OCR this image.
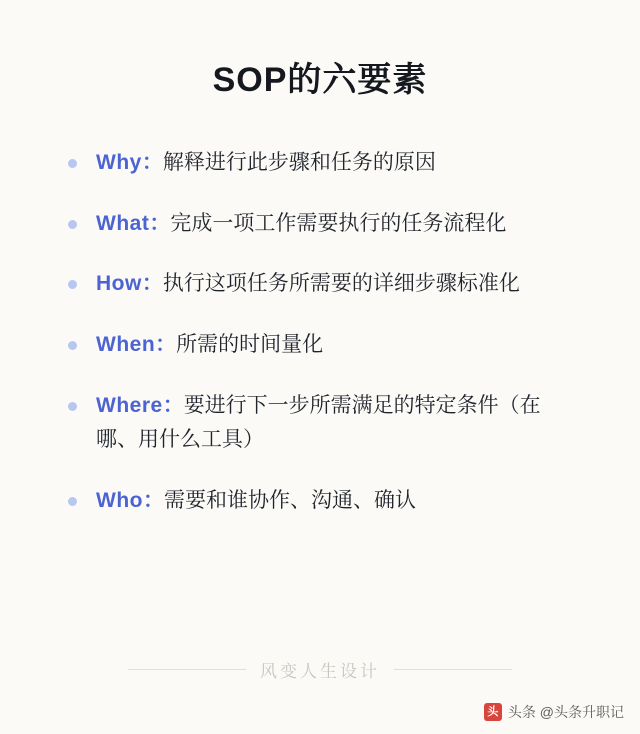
SOP的六要素
Why：解释进行此步骤和任务的原因
What：完成一项工作需要执行的任务流程化
How：执行这项任务所需要的详细步骤标准化
When：所需的时间量化
Where：要进行下一步所需满足的特定条件（在哪、用什么工具）
Who：需要和谁协作、沟通、确认
风变人生设计
头 头条 @头条升职记
